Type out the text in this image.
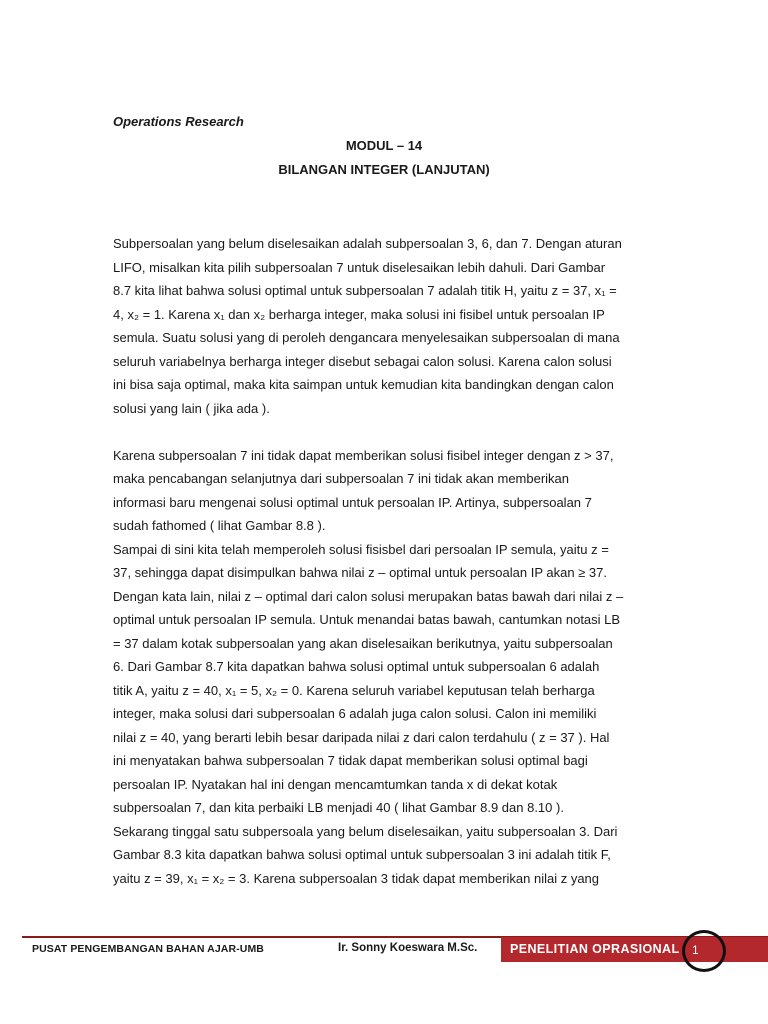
Operations Research
MODUL – 14
BILANGAN INTEGER (LANJUTAN)
Subpersoalan yang belum diselesaikan adalah subpersoalan 3, 6, dan 7. Dengan aturan
LIFO, misalkan kita pilih subpersoalan 7 untuk diselesaikan lebih dahuli. Dari Gambar
8.7 kita lihat bahwa solusi optimal untuk subpersoalan 7 adalah titik H, yaitu z = 37, x₁ =
4, x₂ = 1. Karena x₁ dan x₂ berharga integer, maka solusi ini fisibel untuk persoalan IP
semula. Suatu solusi yang di peroleh dengancara menyelesaikan subpersoalan di mana
seluruh variabelnya berharga integer disebut sebagai calon solusi. Karena calon solusi
ini bisa saja optimal, maka kita saimpan untuk kemudian kita bandingkan dengan calon
solusi yang lain ( jika ada ).
Karena subpersoalan 7 ini tidak dapat memberikan solusi fisibel integer dengan z > 37,
maka pencabangan selanjutnya dari subpersoalan 7 ini tidak akan memberikan
informasi baru mengenai solusi optimal untuk persoalan IP. Artinya, subpersoalan 7
sudah fathomed ( lihat Gambar 8.8 ).
Sampai di sini kita telah memperoleh solusi fisisbel dari persoalan IP semula, yaitu z =
37, sehingga dapat disimpulkan bahwa nilai z – optimal untuk persoalan IP akan ≥ 37.
Dengan kata lain, nilai z – optimal dari calon solusi merupakan batas bawah dari nilai z –
optimal untuk persoalan IP semula. Untuk menandai batas bawah, cantumkan notasi LB
= 37 dalam kotak subpersoalan yang akan diselesaikan berikutnya, yaitu subpersoalan
6. Dari Gambar 8.7 kita dapatkan bahwa solusi optimal untuk subpersoalan 6 adalah
titik A, yaitu z = 40, x₁ = 5, x₂ = 0. Karena seluruh variabel keputusan telah berharga
integer, maka solusi dari subpersoalan 6 adalah juga calon solusi. Calon ini memiliki
nilai z = 40, yang berarti lebih besar daripada nilai z dari calon terdahulu ( z = 37 ). Hal
ini menyatakan bahwa subpersoalan 7 tidak dapat memberikan solusi optimal bagi
persoalan IP. Nyatakan hal ini dengan mencamtumkan tanda x di dekat kotak
subpersoalan 7, dan kita perbaiki LB menjadi 40 ( lihat Gambar 8.9 dan 8.10 ).
Sekarang tinggal satu subpersoala yang belum diselesaikan, yaitu subpersoalan 3. Dari
Gambar 8.3 kita dapatkan bahwa solusi optimal untuk subpersoalan 3 ini adalah titik F,
yaitu z = 39, x₁ = x₂ = 3. Karena subpersoalan 3 tidak dapat memberikan nilai z yang
PUSAT PENGEMBANGAN BAHAN AJAR-UMB	Ir. Sonny Koeswara M.Sc.	PENELITIAN OPRASIONAL 1
